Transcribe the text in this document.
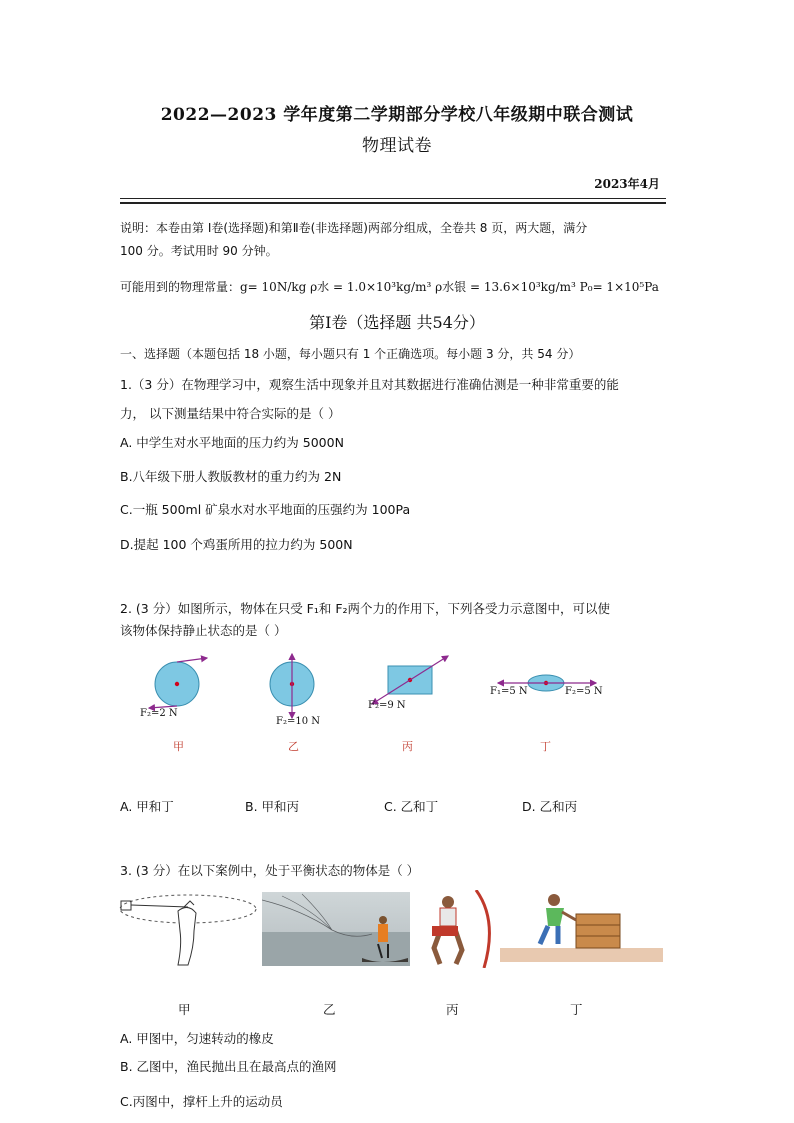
2022—2023 学年度第二学期部分学校八年级期中联合测试
物理试卷
2023年4月
说明：本卷由第 I卷(选择题)和第Ⅱ卷(非选择题)两部分组成，全卷共 8 页，两大题，满分
100 分。考试用时 90 分钟。
可能用到的物理常量：g= 10N/kg ρ水 = 1.0×10³kg/m³ ρ水银 = 13.6×10³kg/m³ P₀= 1×10⁵Pa
第Ⅰ卷（选择题 共54分）
一、选择题（本题包括 18 小题，每小题只有 1 个正确选项。每小题 3 分，共 54 分）
1.（3 分）在物理学习中，观察生活中现象并且对其数据进行准确估测是一种非常重要的能
力， 以下测量结果中符合实际的是（ ）
A. 中学生对水平地面的压力约为 5000N
B.八年级下册人教版教材的重力约为 2N
C.一瓶 500ml 矿泉水对水平地面的压强约为 100Pa
D.提起 100 个鸡蛋所用的拉力约为 500N
2. (3 分）如图所示，物体在只受 F₁和 F₂两个力的作用下，下列各受力示意图中，可以使
该物体保持静止状态的是（ ）
F₂=2 N
甲
F₂=10 N
乙
F₂=9 N
丙
F₁=5 N	F₂=5 N
丁
A. 甲和丁	B. 甲和丙	C. 乙和丁	D. 乙和丙
3. (3 分）在以下案例中，处于平衡状态的物体是（ ）
甲	乙	丙	丁
A. 甲图中，匀速转动的橡皮
B. 乙图中，渔民抛出且在最高点的渔网
C.丙图中，撑杆上升的运动员
